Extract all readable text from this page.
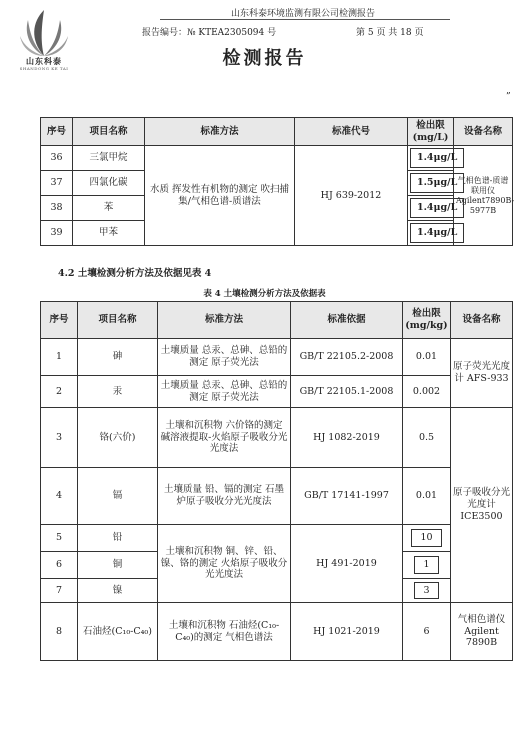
山东科泰
SHANDONG KE TAI
山东科泰环境监测有限公司检测报告
报告编号：№ KTEA2305094 号	第 5 页 共 18 页
检测报告
”
序号	项目名称	标准方法	标准代号	检出限
(mg/L)	设备名称
36	三氯甲烷	水质 挥发性有机物的测定 吹扫捕集/气相色谱-质谱法	HJ 639-2012	1.4μg/L	气相色谱-质谱联用仪 Agilent7890B-5977B
37	四氯化碳			1.5μg/L	
38	苯			1.4μg/L	
39	甲苯			1.4μg/L	
4.2 土壤检测分析方法及依据见表 4
表 4 土壤检测分析方法及依据表
序号	项目名称	标准方法	标准依据	检出限
(mg/kg)	设备名称
1	砷	土壤质量 总汞、总砷、总铅的测定 原子荧光法	GB/T 22105.2-2008	0.01	原子荧光光度计 AFS-933
2	汞	土壤质量 总汞、总砷、总铅的测定 原子荧光法	GB/T 22105.1-2008	0.002	
3	铬(六价)	土壤和沉积物 六价铬的测定 碱溶液提取-火焰原子吸收分光光度法	HJ 1082-2019	0.5	原子吸收分光光度计 ICE3500
4	镉	土壤质量 铅、镉的测定 石墨炉原子吸收分光光度法	GB/T 17141-1997	0.01	
5	铅	土壤和沉积物 铜、锌、铅、镍、铬的测定 火焰原子吸收分光光度法	HJ 491-2019	10	
6	铜			1	
7	镍			3	
8	石油烃(C₁₀-C₄₀)	土壤和沉积物 石油烃(C₁₀-C₄₀)的测定 气相色谱法	HJ 1021-2019	6	气相色谱仪 Agilent 7890B
